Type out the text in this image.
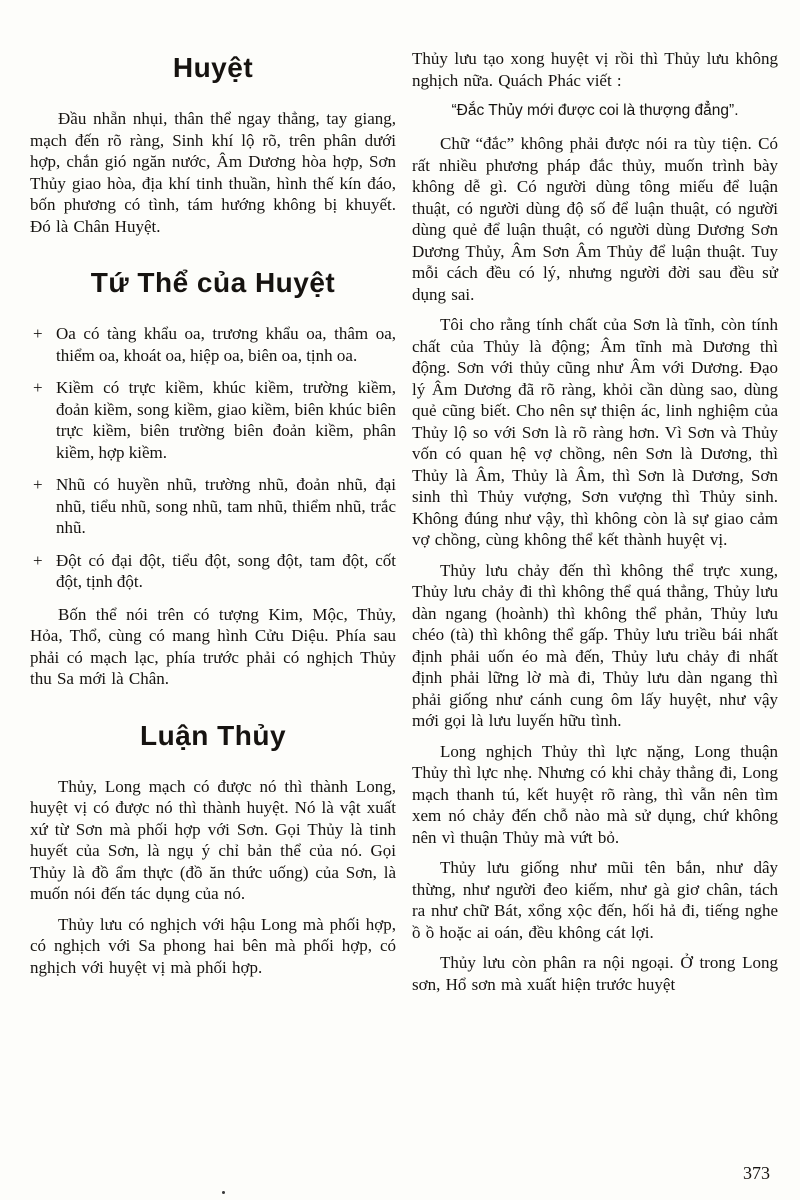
Huyệt

Đầu nhẵn nhụi, thân thể ngay thẳng, tay giang, mạch đến rõ ràng, Sinh khí lộ rõ, trên phân dưới hợp, chắn gió ngăn nước, Âm Dương hòa hợp, Sơn Thủy giao hòa, địa khí tinh thuần, hình thế kín đáo, bốn phương có tình, tám hướng không bị khuyết. Đó là Chân Huyệt.

Tứ Thể của Huyệt
+ Oa có tàng khẩu oa, trương khẩu oa, thâm oa, thiểm oa, khoát oa, hiệp oa, biên oa, tịnh oa.
+ Kiềm có trực kiềm, khúc kiềm, trường kiềm, đoản kiềm, song kiềm, giao kiềm, biên khúc biên trực kiềm, biên trường biên đoản kiềm, phân kiềm, hợp kiềm.
+ Nhũ có huyền nhũ, trường nhũ, đoản nhũ, đại nhũ, tiểu nhũ, song nhũ, tam nhũ, thiểm nhũ, trắc nhũ.
+ Đột có đại đột, tiểu đột, song đột, tam đột, cốt đột, tịnh đột.

Bốn thể nói trên có tượng Kim, Mộc, Thủy, Hỏa, Thổ, cùng có mang hình Cửu Diệu. Phía sau phải có mạch lạc, phía trước phải có nghịch Thủy thu Sa mới là Chân.

Luận Thủy

Thủy, Long mạch có được nó thì thành Long, huyệt vị có được nó thì thành huyệt. Nó là vật xuất xứ từ Sơn mà phối hợp với Sơn. Gọi Thủy là tinh huyết của Sơn, là ngụ ý chỉ bản thể của nó. Gọi Thủy là đồ ẩm thực (đồ ăn thức uống) của Sơn, là muốn nói đến tác dụng của nó.

Thủy lưu có nghịch với hậu Long mà phối hợp, có nghịch với Sa phong hai bên mà phối hợp, có nghịch với huyệt vị mà phối hợp.

Thủy lưu tạo xong huyệt vị rồi thì Thủy lưu không nghịch nữa. Quách Phác viết :

“Đắc Thủy mới được coi là thượng đẳng”.

Chữ “đắc” không phải được nói ra tùy tiện. Có rất nhiều phương pháp đắc thủy, muốn trình bày không dễ gì. Có người dùng tông miếu để luận thuật, có người dùng độ số để luận thuật, có người dùng quẻ để luận thuật, có người dùng Dương Sơn Dương Thủy, Âm Sơn Âm Thủy để luận thuật. Tuy mỗi cách đều có lý, nhưng người đời sau đều sử dụng sai.

Tôi cho rằng tính chất của Sơn là tĩnh, còn tính chất của Thủy là động; Âm tĩnh mà Dương thì động. Sơn với thủy cũng như Âm với Dương. Đạo lý Âm Dương đã rõ ràng, khỏi cần dùng sao, dùng quẻ cũng biết. Cho nên sự thiện ác, linh nghiệm của Thủy lộ so với Sơn là rõ ràng hơn. Vì Sơn và Thủy vốn có quan hệ vợ chồng, nên Sơn là Dương, thì Thủy là Âm, Thủy là Âm, thì Sơn là Dương, Sơn sinh thì Thủy vượng, Sơn vượng thì Thủy sinh. Không đúng như vậy, thì không còn là sự giao cảm vợ chồng, cùng không thể kết thành huyệt vị.

Thủy lưu chảy đến thì không thể trực xung, Thủy lưu chảy đi thì không thể quá thẳng, Thủy lưu dàn ngang (hoành) thì không thể phản, Thủy lưu chéo (tà) thì không thể gấp. Thủy lưu triều bái nhất định phải uốn éo mà đến, Thủy lưu chảy đi nhất định phải lững lờ mà đi, Thủy lưu dàn ngang thì phải giống như cánh cung ôm lấy huyệt, như vậy mới gọi là lưu luyến hữu tình.

Long nghịch Thủy thì lực nặng, Long thuận Thủy thì lực nhẹ. Nhưng có khi chảy thẳng đi, Long mạch thanh tú, kết huyệt rõ ràng, thì vẫn nên tìm xem nó chảy đến chỗ nào mà sử dụng, chứ không nên vì thuận Thủy mà vứt bỏ.

Thủy lưu giống như mũi tên bắn, như dây thừng, như người đeo kiếm, như gà giơ chân, tách ra như chữ Bát, xổng xộc đến, hối hả đi, tiếng nghe ồ ồ hoặc ai oán, đều không cát lợi.

Thủy lưu còn phân ra nội ngoại. Ở trong Long sơn, Hổ sơn mà xuất hiện trước huyệt

373
